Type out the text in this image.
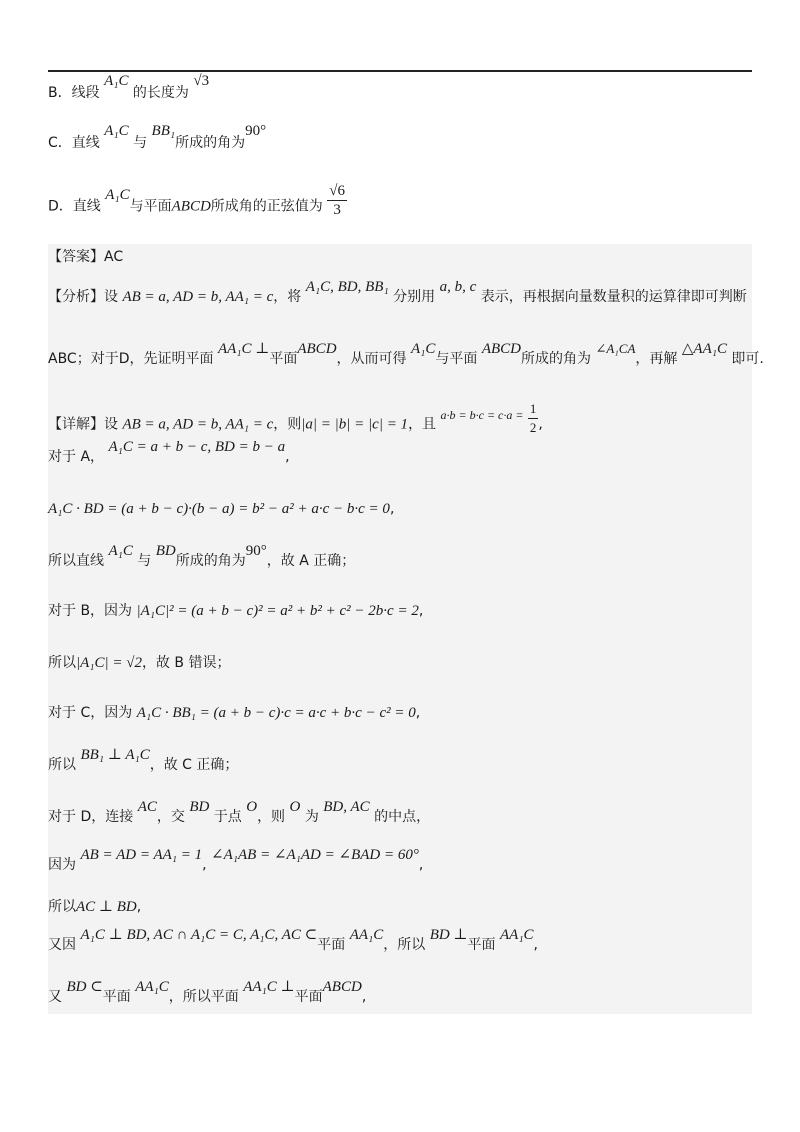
B．线段 A₁C 的长度为 √3
C．直线 A₁C 与 BB₁所成的角为90°
D．直线 A₁C与平面ABCD所成角的正弦值为 $\frac{√6}{3}$
【答案】AC
【分析】设 AB = a, AD = b, AA₁ = c，将 A₁C, BD, BB₁ 分别用 a, b, c 表示，再根据向量数量积的运算律即可判断
ABC；对于D，先证明平面 AA₁C ⊥平面ABCD，从而可得 A₁C与平面 ABCD所成的角为 ∠A₁CA，再解 △AA₁C 即可.
【详解】设 AB = a, AD = b, AA₁ = c，则|a| = |b| = |c| = 1，且 $a\cdot b = b\cdot c = c\cdot a = \frac{1}{2}$ ,
对于 A， A₁C = a + b − c, BD = b − a,
A₁C · BD = (a + b − c)·(b − a) = b² − a² + a·c − b·c = 0,
所以直线 A₁C 与 BD所成的角为90°，故 A 正确；
对于 B，因为 |A₁C|² = (a + b − c)² = a² + b² + c² − 2b·c = 2,
所以|A₁C| = √2，故 B 错误；
对于 C，因为 A₁C · BB₁ = (a + b − c)·c = a·c + b·c − c² = 0,
所以 BB₁ ⊥ A₁C，故 C 正确；
对于 D，连接 AC，交 BD 于点 O，则 O 为 BD, AC 的中点，
因为 AB = AD = AA₁ = 1, ∠A₁AB = ∠A₁AD = ∠BAD = 60°,
所以AC ⊥ BD,
又因 A₁C ⊥ BD, AC ∩ A₁C = C, A₁C, AC ⊂平面 AA₁C，所以 BD ⊥平面 AA₁C,
又 BD ⊂平面 AA₁C，所以平面 AA₁C ⊥平面ABCD,
